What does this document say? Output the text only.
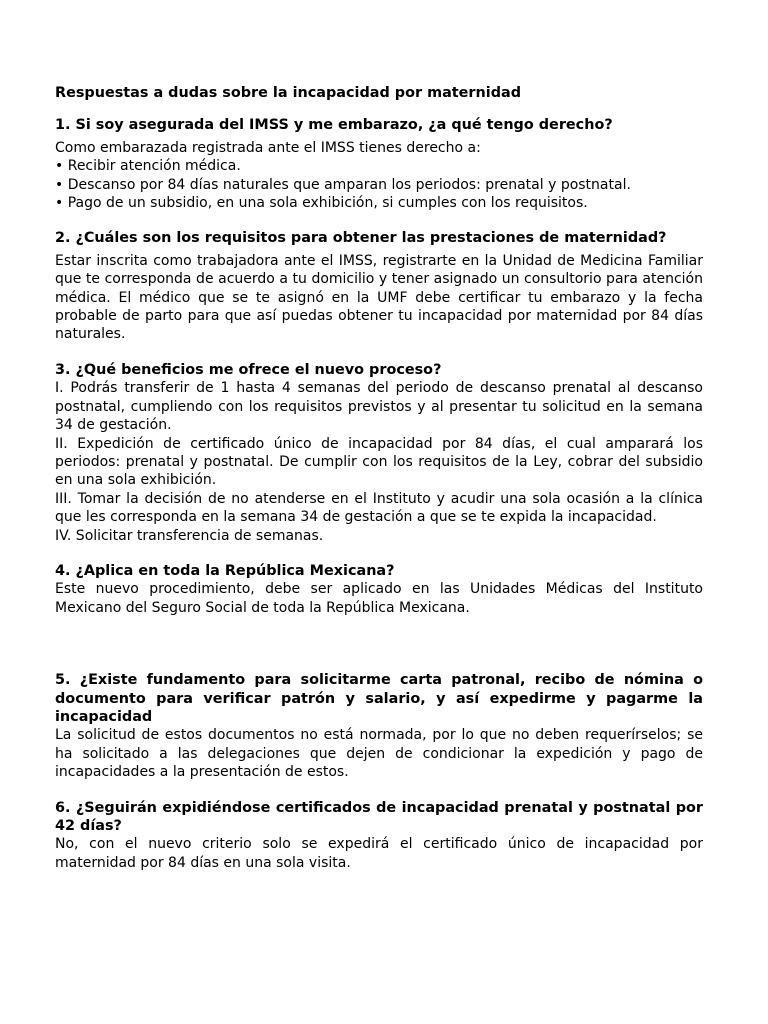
Respuestas a dudas sobre la incapacidad por maternidad

1. Si soy asegurada del IMSS y me embarazo, ¿a qué tengo derecho?

Como embarazada registrada ante el IMSS tienes derecho a:

• Recibir atención médica.
• Descanso por 84 días naturales que amparan los periodos: prenatal y postnatal.
• Pago de un subsidio, en una sola exhibición, si cumples con los requisitos.

2. ¿Cuáles son los requisitos para obtener las prestaciones de maternidad?

Estar inscrita como trabajadora ante el IMSS, registrarte en la Unidad de Medicina Familiar que te corresponda de acuerdo a tu domicilio y tener asignado un consultorio para atención médica. El médico que se te asignó en la UMF debe certificar tu embarazo y la fecha probable de parto para que así puedas obtener tu incapacidad por maternidad por 84 días naturales.

3. ¿Qué beneficios me ofrece el nuevo proceso?

I. Podrás transferir de 1 hasta 4 semanas del periodo de descanso prenatal al descanso postnatal, cumpliendo con los requisitos previstos y al presentar tu solicitud en la semana 34 de gestación.

II. Expedición de certificado único de incapacidad por 84 días, el cual amparará los periodos: prenatal y postnatal. De cumplir con los requisitos de la Ley, cobrar del subsidio en una sola exhibición.

III. Tomar la decisión de no atenderse en el Instituto y acudir una sola ocasión a la clínica que les corresponda en la semana 34 de gestación a que se te expida la incapacidad.

IV. Solicitar transferencia de semanas.

4. ¿Aplica en toda la República Mexicana?

Este nuevo procedimiento, debe ser aplicado en las Unidades Médicas del Instituto Mexicano del Seguro Social de toda la República Mexicana.

5. ¿Existe fundamento para solicitarme carta patronal, recibo de nómina o documento para verificar patrón y salario, y así expedirme y pagarme la incapacidad

La solicitud de estos documentos no está normada, por lo que no deben requerírselos; se ha solicitado a las delegaciones que dejen de condicionar la expedición y pago de incapacidades a la presentación de estos.

6. ¿Seguirán expidiéndose certificados de incapacidad prenatal y postnatal por 42 días?

No, con el nuevo criterio solo se expedirá el certificado único de incapacidad por maternidad por 84 días en una sola visita.
